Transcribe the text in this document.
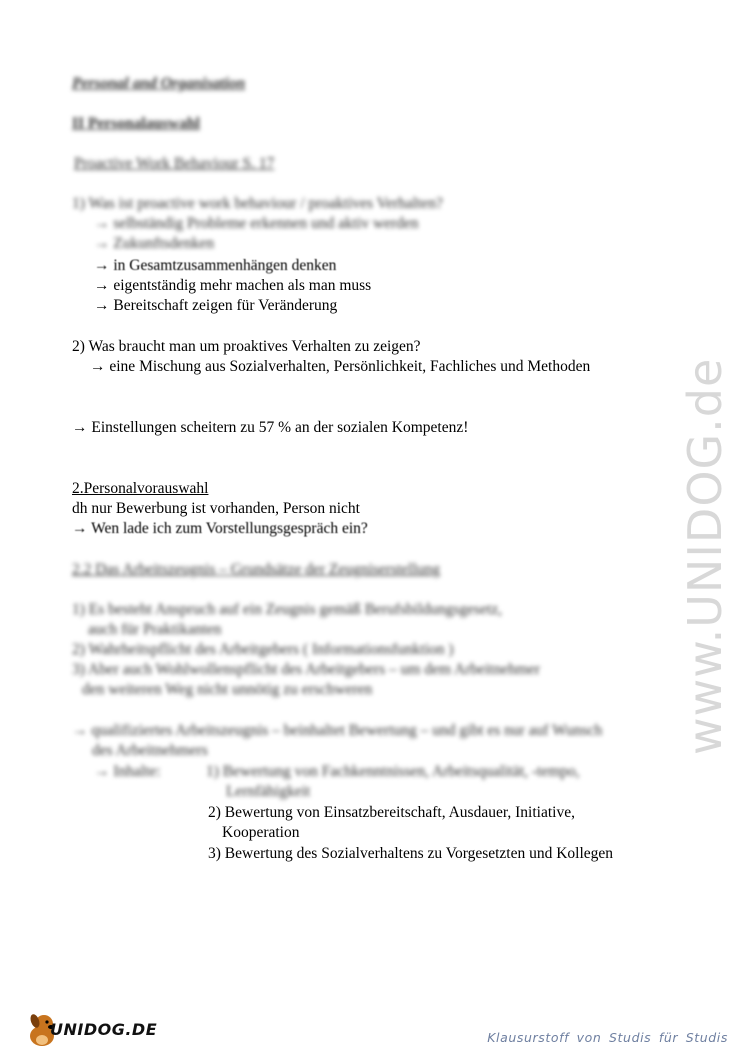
Personal and Organisation
II Personalauswahl
Proactive Work Behaviour S. 17
1) Was ist proactive work behaviour / proaktives Verhalten?
→ selbständig Probleme erkennen und aktiv werden
→ Zukunftsdenken
→ in Gesamtzusammenhängen denken
→ eigentständig mehr machen als man muss
→ Bereitschaft zeigen für Veränderung
2) Was braucht man um proaktives Verhalten zu zeigen?
→ eine Mischung aus Sozialverhalten, Persönlichkeit, Fachliches und Methoden
→ Einstellungen scheitern zu 57 % an der sozialen Kompetenz!
2.Personalvorauswahl
dh nur Bewerbung ist vorhanden, Person nicht
→ Wen lade ich zum Vorstellungsgespräch ein?
2.2 Das Arbeitszeugnis – Grundsätze der Zeugniserstellung
1) Es besteht Anspruch auf ein Zeugnis gemäß Berufsbildungsgesetz,
auch für Praktikanten
2) Wahrheitspflicht des Arbeitgebers ( Informationsfunktion )
3) Aber auch Wohlwollenspflicht des Arbeitgebers – um dem Arbeitnehmer
den weiteren Weg nicht unnötig zu erschweren
→ qualifiziertes Arbeitszeugnis – beinhaltet Bewertung – und gibt es nur auf Wunsch
des Arbeitnehmers
→ Inhalte:	1) Bewertung von Fachkenntnissen, Arbeitsqualität, -tempo,
Lernfähigkeit
2) Bewertung von Einsatzbereitschaft, Ausdauer, Initiative,
Kooperation
3) Bewertung des Sozialverhaltens zu Vorgesetzten und Kollegen
www.UNIDOG.de
UNIDOG.DE	Klausurstoff von Studis für Studis
